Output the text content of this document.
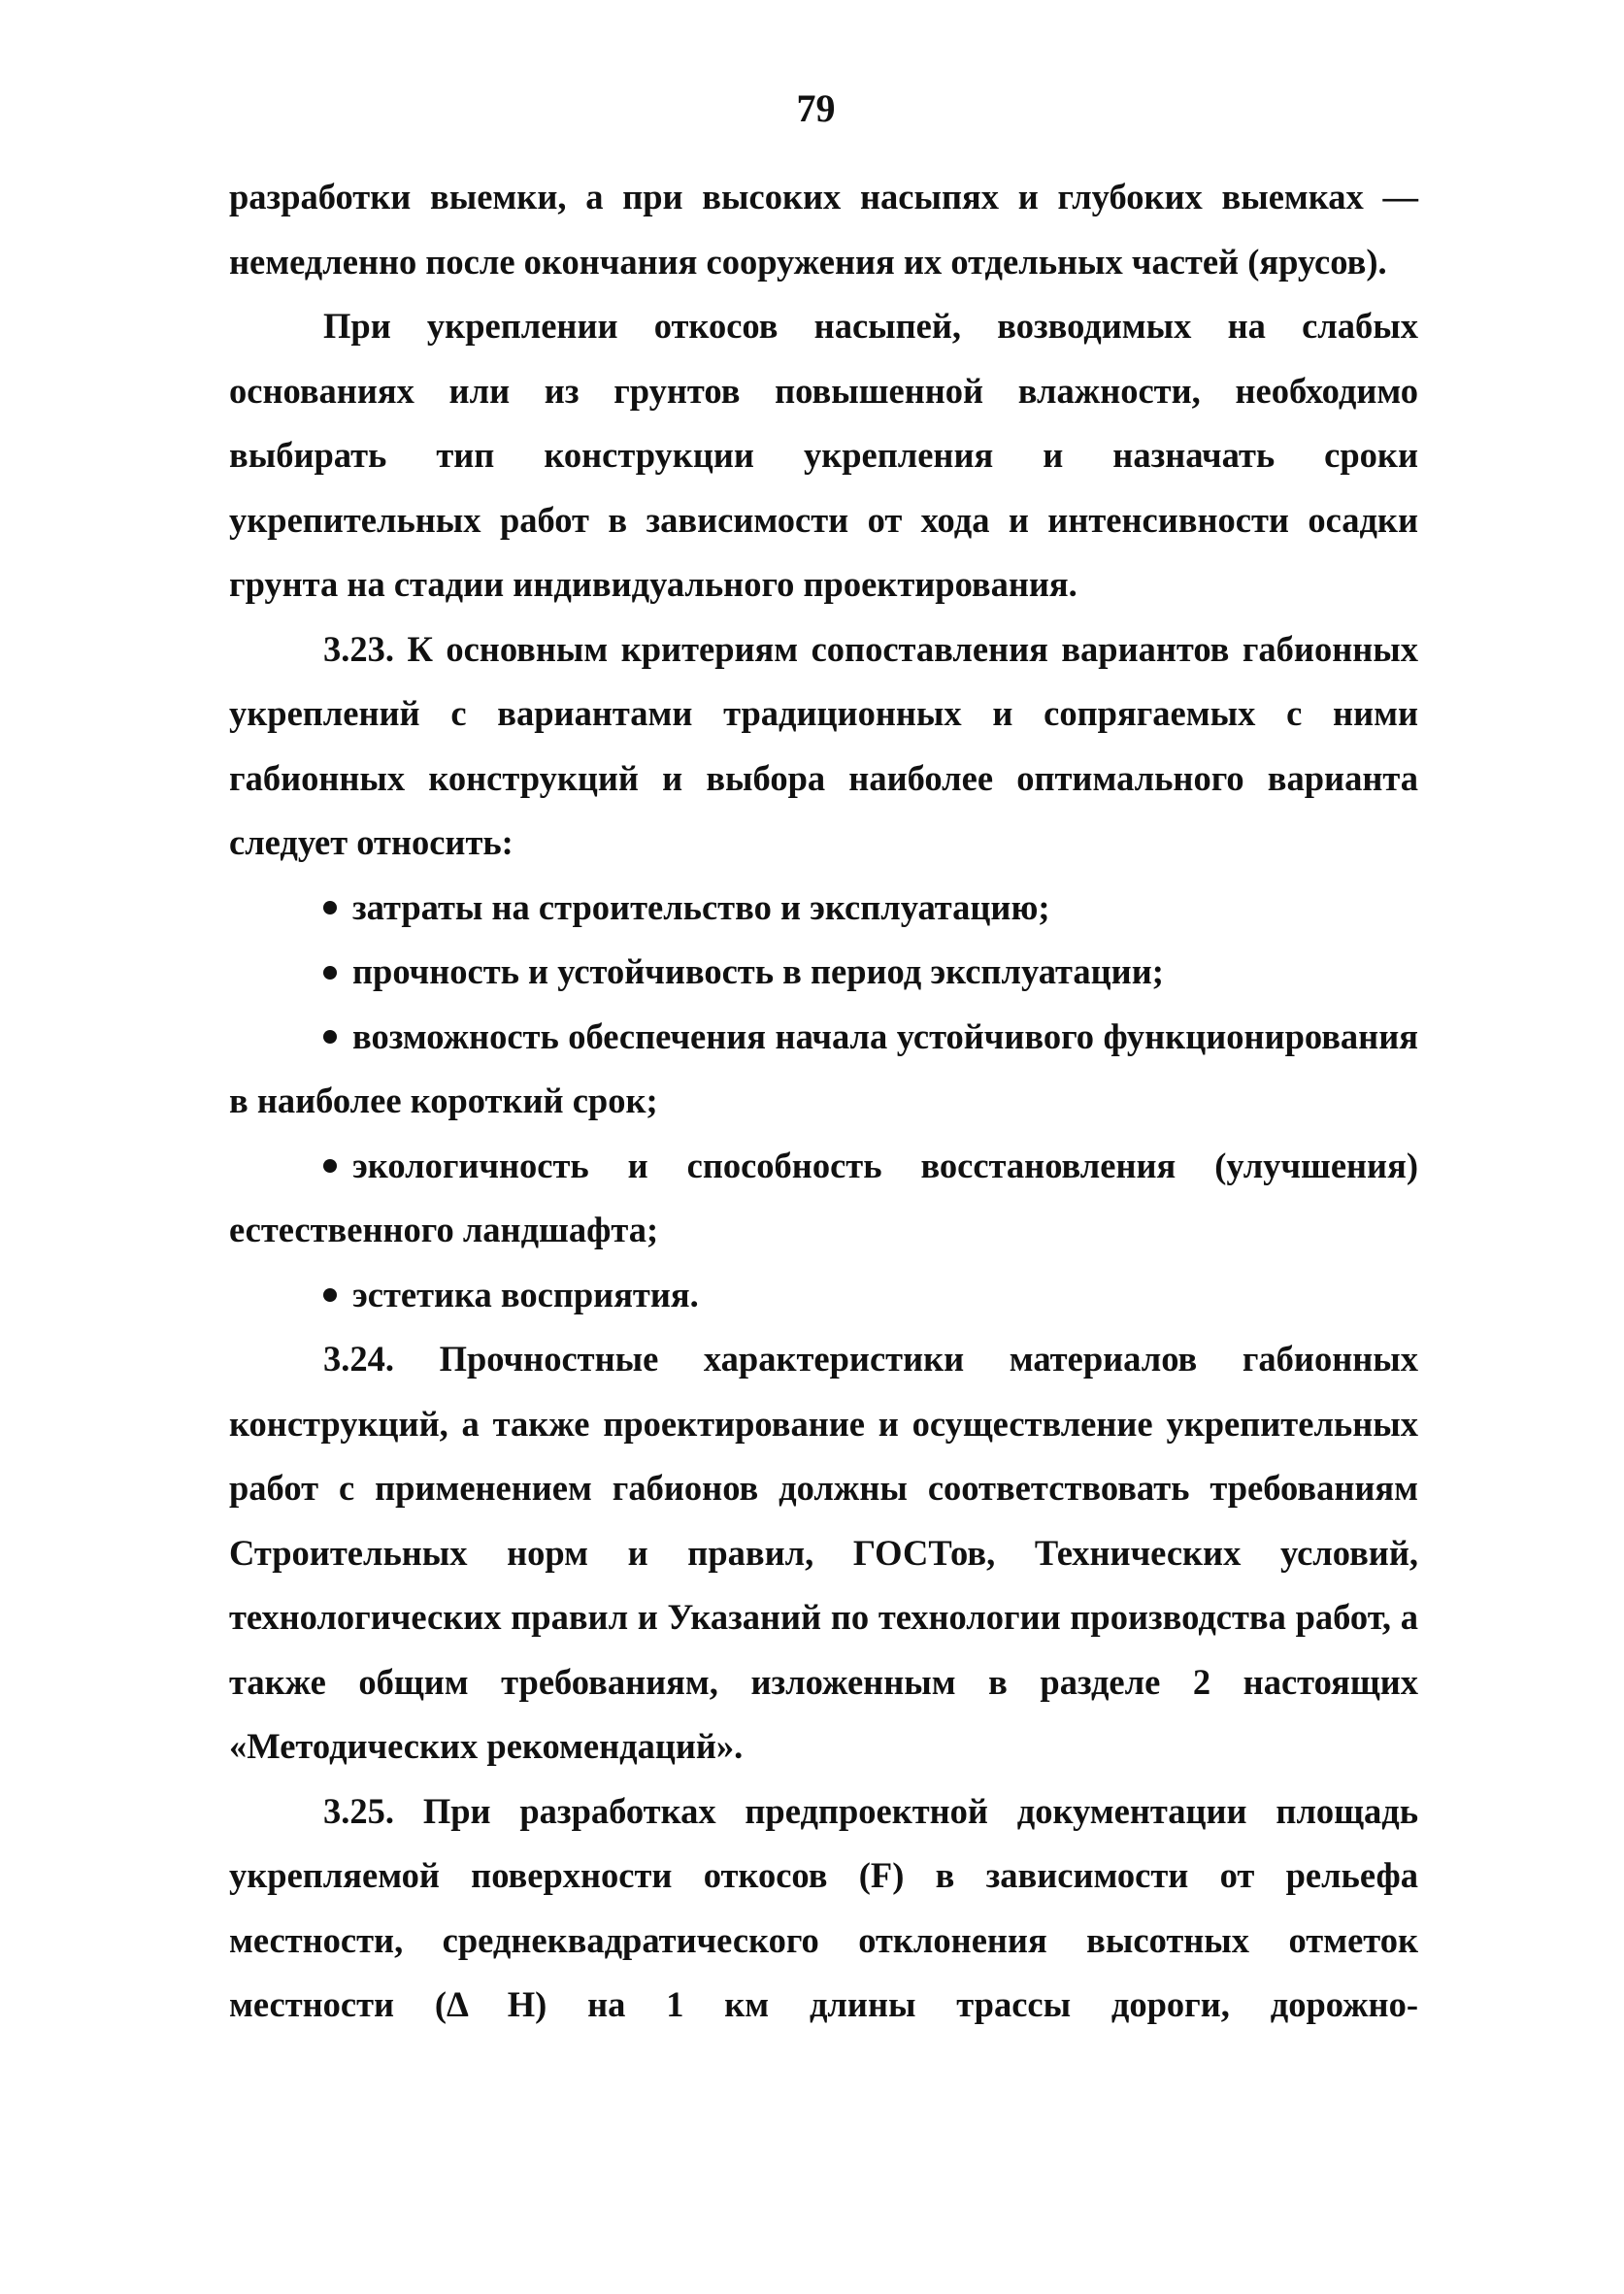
79

разработки выемки, а при высоких насыпях и глубоких выемках — немедленно после окончания сооружения их отдельных частей (ярусов).

При укреплении откосов насыпей, возводимых на слабых основаниях или из грунтов повышенной влажности, необходимо выбирать тип конструкции укрепления и назначать сроки укрепительных работ в зависимости от хода и интенсивности осадки грунта на стадии индивидуального проектирования.

3.23. К основным критериям сопоставления вариантов габионных укреплений с вариантами традиционных и сопрягаемых с ними габионных конструкций и выбора наиболее оптимального варианта следует относить:

затраты на строительство и эксплуатацию;
прочность и устойчивость в период эксплуатации;
возможность обеспечения начала устойчивого функционирования в наиболее короткий срок;
экологичность и способность восстановления (улучшения) естественного ландшафта;
эстетика восприятия.

3.24. Прочностные характеристики материалов габионных конструкций, а также проектирование и осуществление укрепительных работ с применением габионов должны соответствовать требованиям Строительных норм и правил, ГОСТов, Технических условий, технологических правил и Указаний по технологии производства работ, а также общим требованиям, изложенным в разделе 2 настоящих «Методических рекомендаций».

3.25. При разработках предпроектной документации площадь укрепляемой поверхности откосов (F) в зависимости от рельефа местности, среднеквадратического отклонения высотных отметок местности (Δ H) на 1 км длины трассы дороги, дорожно-
